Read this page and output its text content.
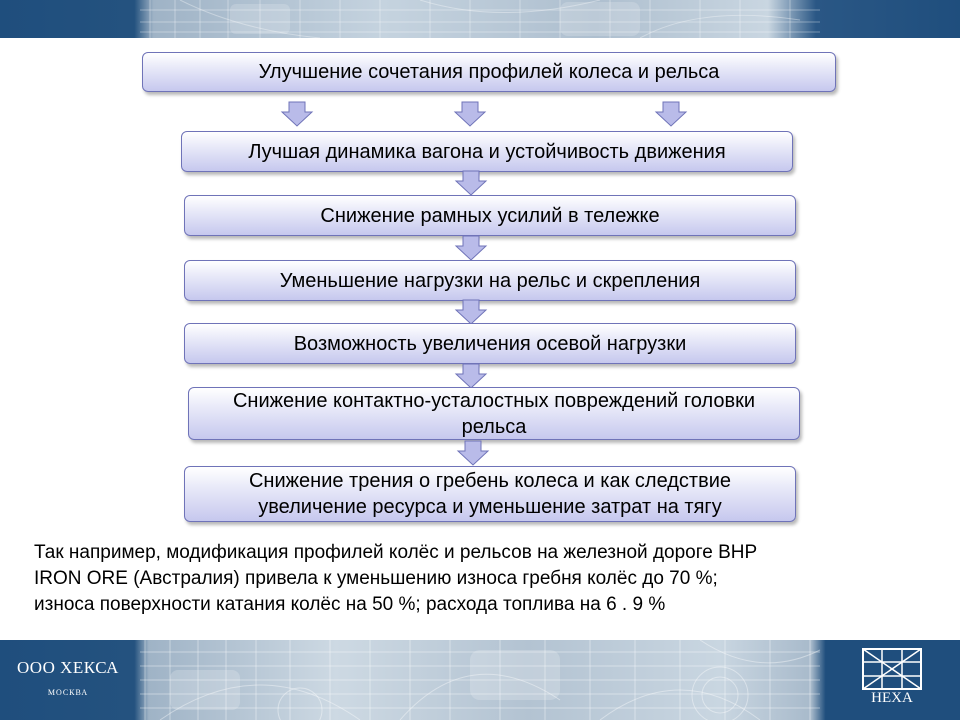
Улучшение сочетания профилей колеса и рельса
Лучшая динамика вагона и устойчивость движения
Снижение рамных усилий в тележке
Уменьшение нагрузки на рельс и скрепления
Возможность увеличения осевой нагрузки
Снижение контактно-усталостных повреждений головки рельса
Снижение трения о гребень колеса и как следствие увеличение ресурса и уменьшение затрат на тягу
Так например, модификация профилей колёс и рельсов на железной дороге BHP
IRON ORE (Австралия) привела к уменьшению износа гребня колёс до 70 %;
износа поверхности катания колёс на 50 %; расхода топлива на 6 . 9 %
ООО ХЕКСА
МОСКВА	HEXA
